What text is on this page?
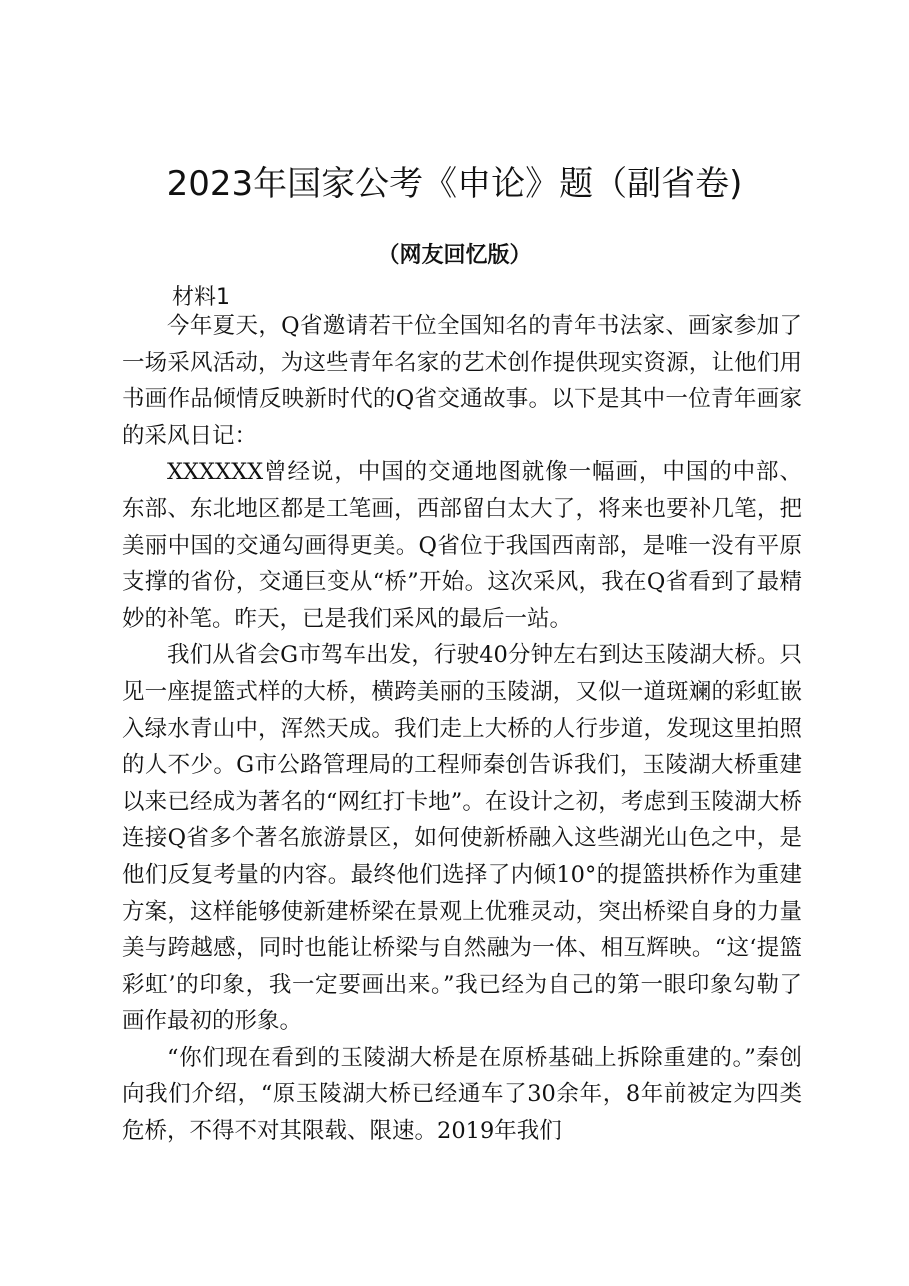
2023年国家公考《申论》题（副省卷)
（网友回忆版）
材料1

今年夏天，Q省邀请若干位全国知名的青年书法家、画家参加了一场采风活动，为这些青年名家的艺术创作提供现实资源，让他们用书画作品倾情反映新时代的Q省交通故事。以下是其中一位青年画家的采风日记：

XXXXXX曾经说，中国的交通地图就像一幅画，中国的中部、东部、东北地区都是工笔画，西部留白太大了，将来也要补几笔，把美丽中国的交通勾画得更美。Q省位于我国西南部，是唯一没有平原支撑的省份，交通巨变从“桥”开始。这次采风，我在Q省看到了最精妙的补笔。昨天，已是我们采风的最后一站。

我们从省会G市驾车出发，行驶40分钟左右到达玉陵湖大桥。只见一座提篮式样的大桥，横跨美丽的玉陵湖，又似一道斑斓的彩虹嵌入绿水青山中，浑然天成。我们走上大桥的人行步道，发现这里拍照的人不少。G市公路管理局的工程师秦创告诉我们，玉陵湖大桥重建以来已经成为著名的“网红打卡地”。在设计之初，考虑到玉陵湖大桥连接Q省多个著名旅游景区，如何使新桥融入这些湖光山色之中，是他们反复考量的内容。最终他们选择了内倾10°的提篮拱桥作为重建方案，这样能够使新建桥梁在景观上优雅灵动，突出桥梁自身的力量美与跨越感，同时也能让桥梁与自然融为一体、相互辉映。“这‘提篮彩虹’的印象，我一定要画出来。”我已经为自己的第一眼印象勾勒了画作最初的形象。

“你们现在看到的玉陵湖大桥是在原桥基础上拆除重建的。”秦创向我们介绍，“原玉陵湖大桥已经通车了30余年，8年前被定为四类危桥，不得不对其限载、限速。2019年我们
